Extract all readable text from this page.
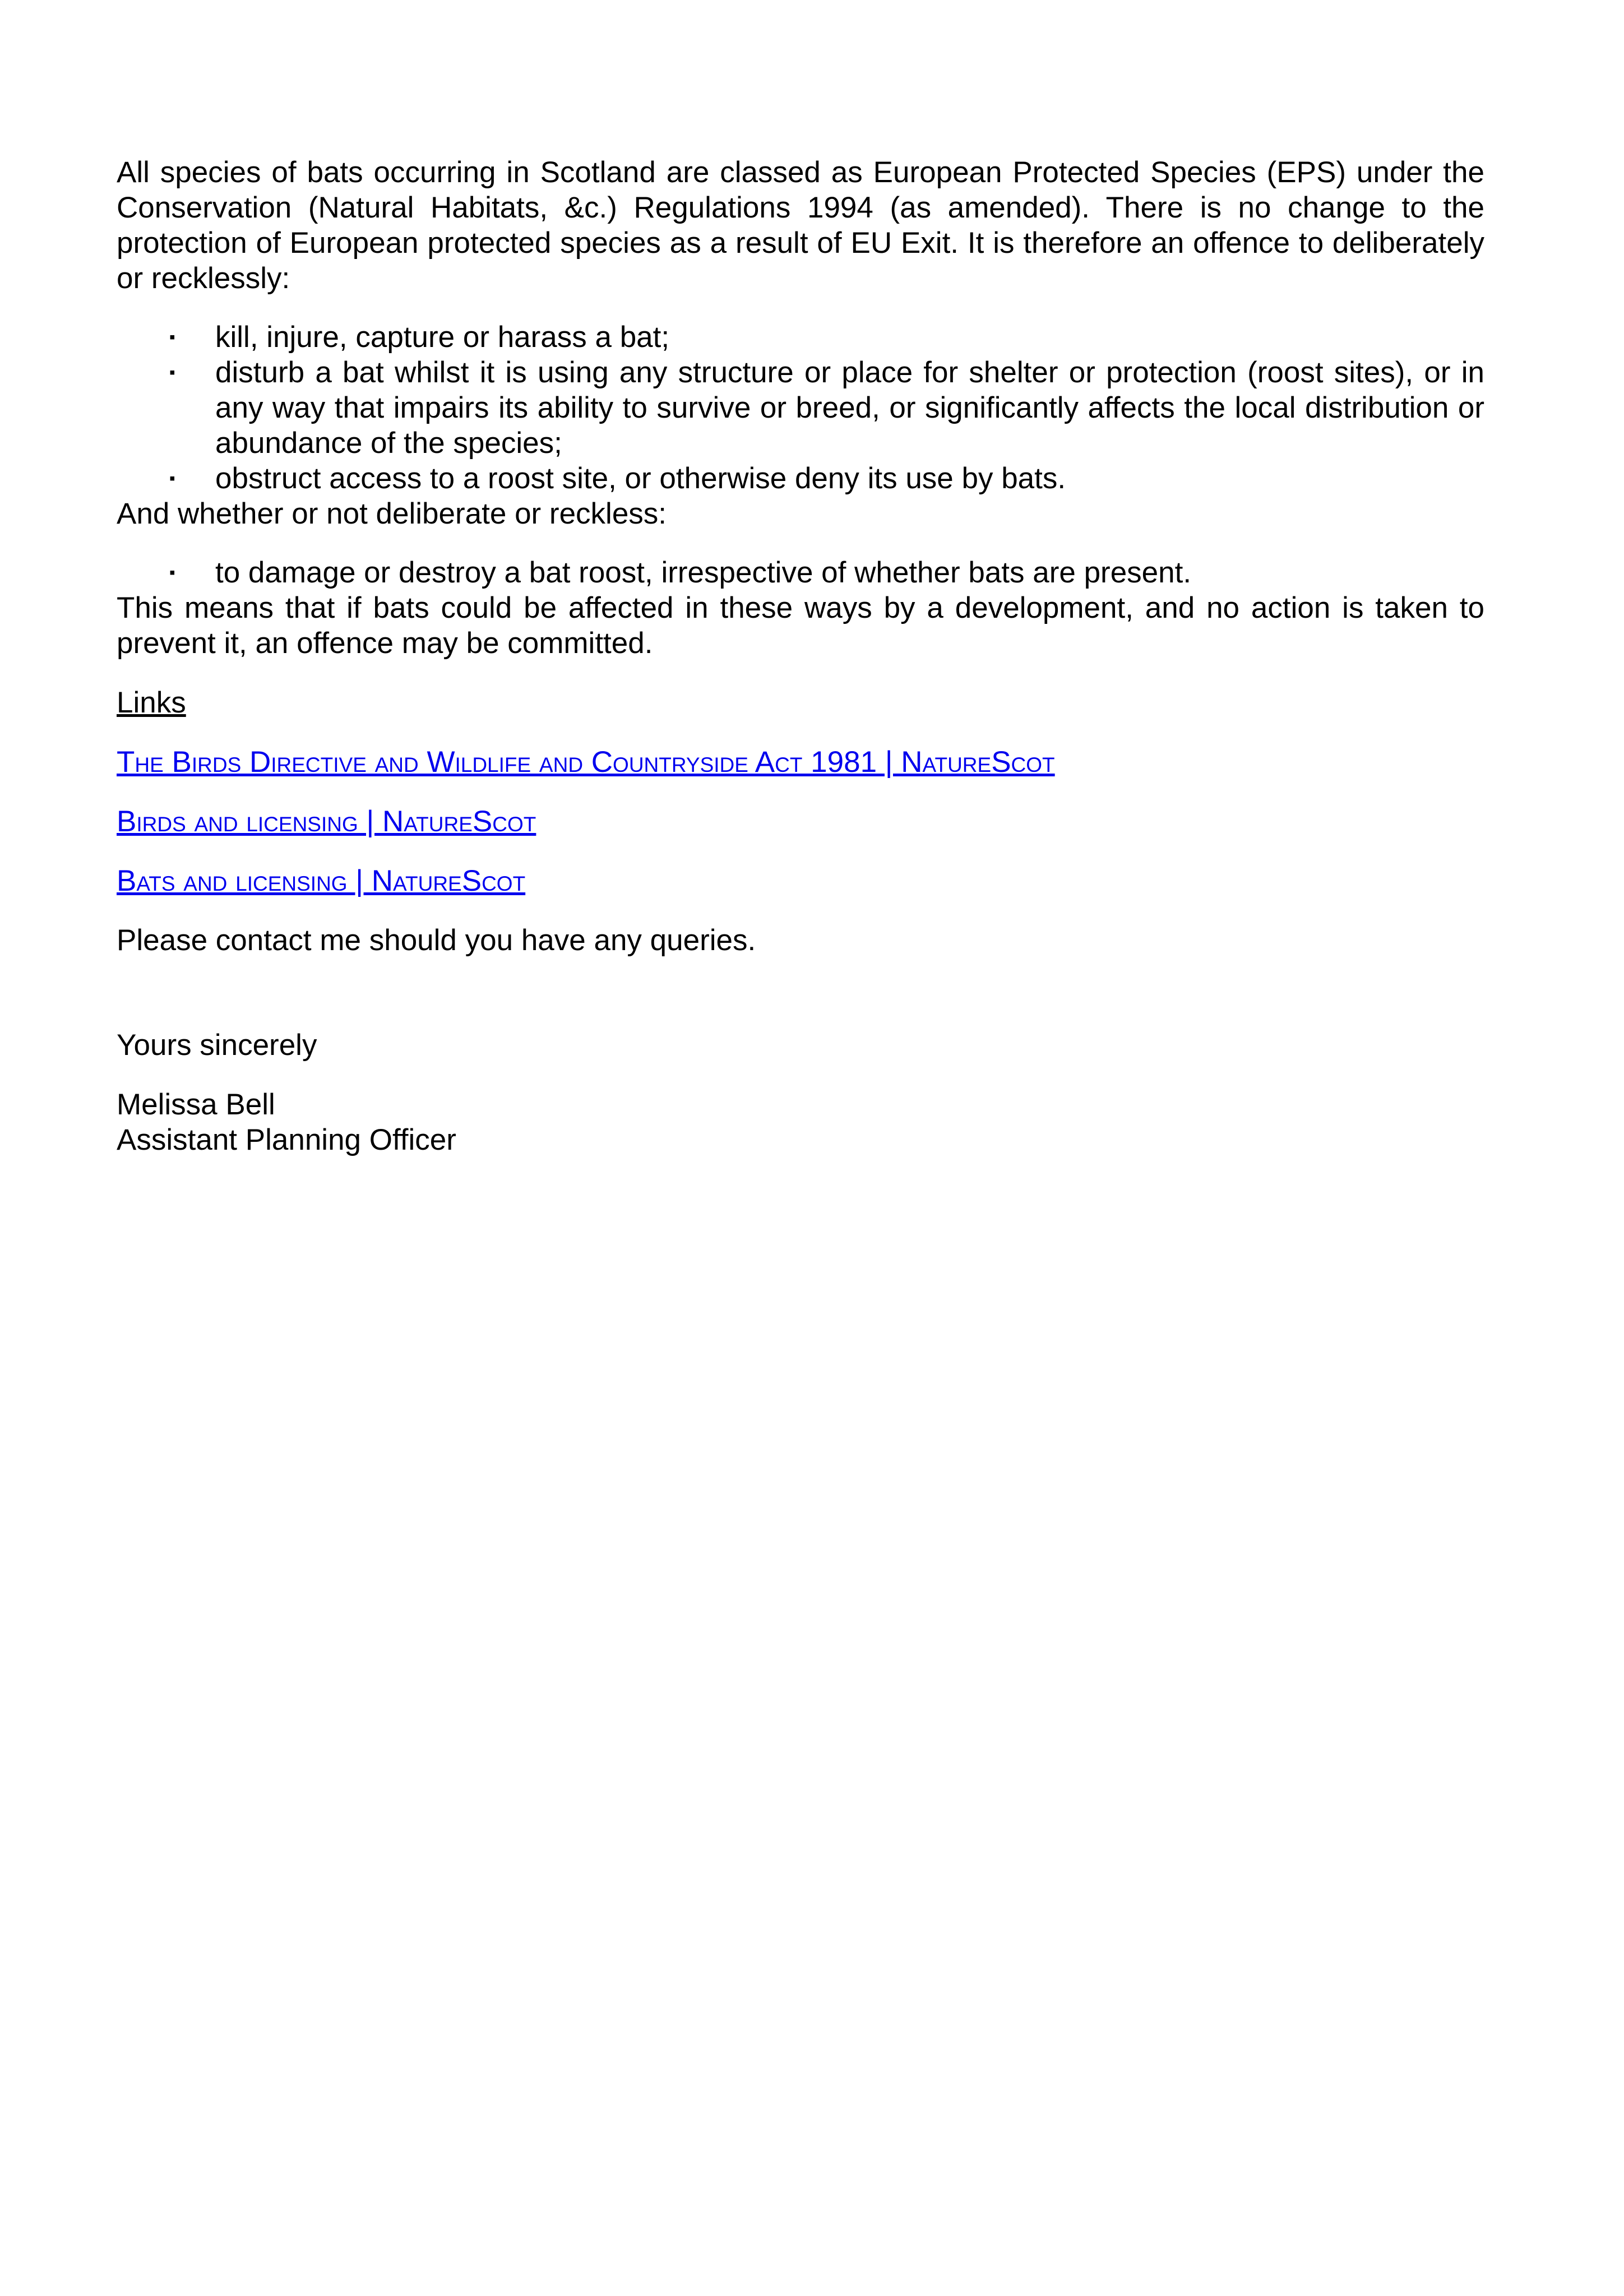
All species of bats occurring in Scotland are classed as European Protected Species (EPS) under the Conservation (Natural Habitats, &c.) Regulations 1994 (as amended). There is no change to the protection of European protected species as a result of EU Exit. It is therefore an offence to deliberately or recklessly:

▪ kill, injure, capture or harass a bat;
▪ disturb a bat whilst it is using any structure or place for shelter or protection (roost sites), or in any way that impairs its ability to survive or breed, or significantly affects the local distribution or abundance of the species;
▪ obstruct access to a roost site, or otherwise deny its use by bats.

And whether or not deliberate or reckless:

▪ to damage or destroy a bat roost, irrespective of whether bats are present.

This means that if bats could be affected in these ways by a development, and no action is taken to prevent it, an offence may be committed.

Links
The Birds Directive and Wildlife and Countryside Act 1981 | NatureScot
Birds and licensing | NatureScot
Bats and licensing | NatureScot
Please contact me should you have any queries.
Yours sincerely
Melissa Bell
Assistant Planning Officer
